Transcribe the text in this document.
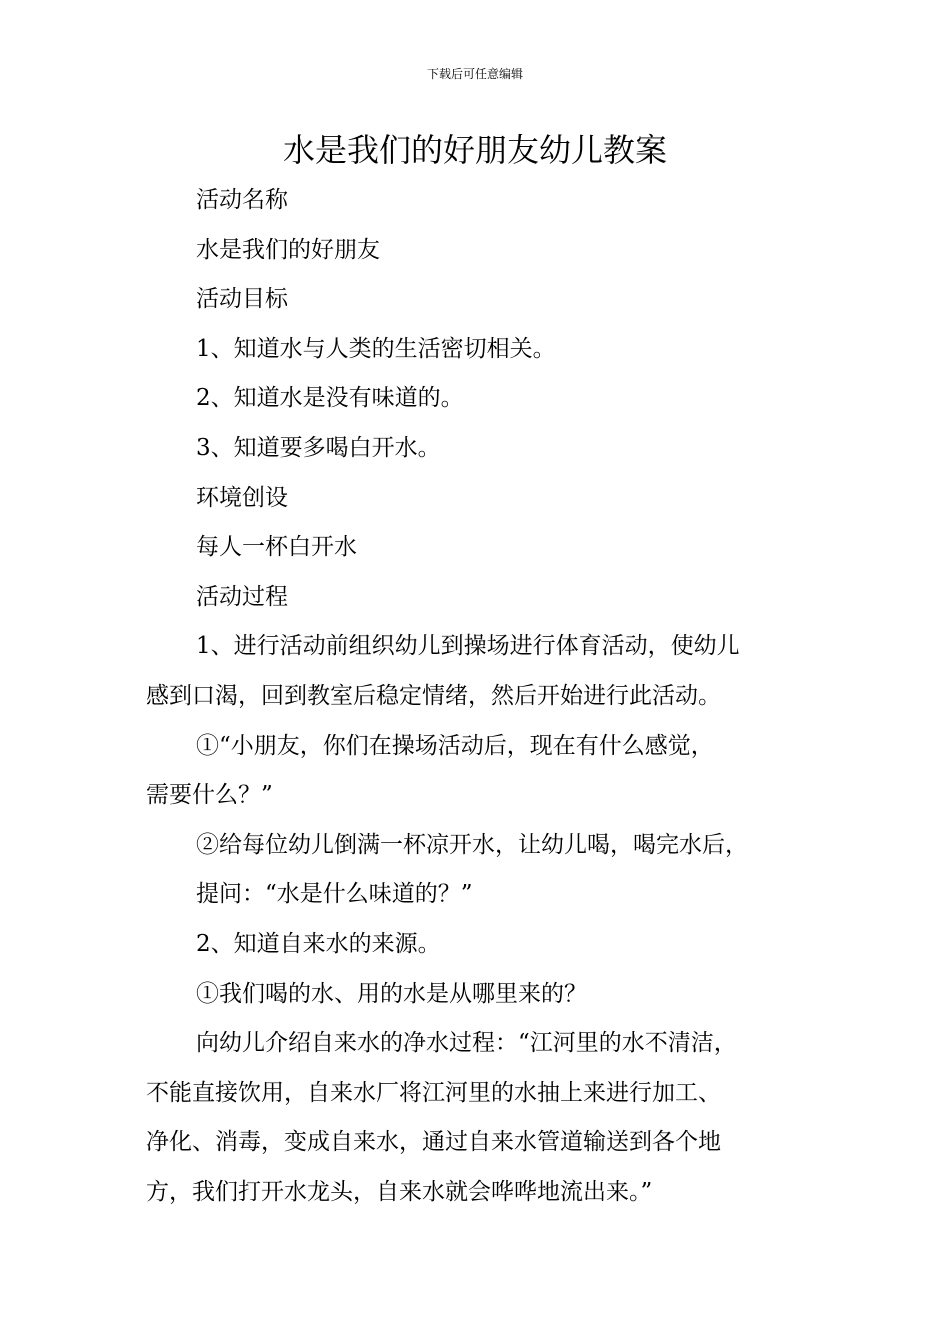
下载后可任意编辑
水是我们的好朋友幼儿教案

活动名称

水是我们的好朋友

活动目标

1、知道水与人类的生活密切相关。

2、知道水是没有味道的。

3、知道要多喝白开水。

环境创设

每人一杯白开水

活动过程

1、进行活动前组织幼儿到操场进行体育活动，使幼儿

感到口渴，回到教室后稳定情绪，然后开始进行此活动。

①“小朋友，你们在操场活动后，现在有什么感觉，

需要什么？”

②给每位幼儿倒满一杯凉开水，让幼儿喝，喝完水后，

提问：“水是什么味道的？”

2、知道自来水的来源。

①我们喝的水、用的水是从哪里来的？

向幼儿介绍自来水的净水过程：“江河里的水不清洁，

不能直接饮用，自来水厂将江河里的水抽上来进行加工、

净化、消毒，变成自来水，通过自来水管道输送到各个地

方，我们打开水龙头，自来水就会哗哗地流出来。”
